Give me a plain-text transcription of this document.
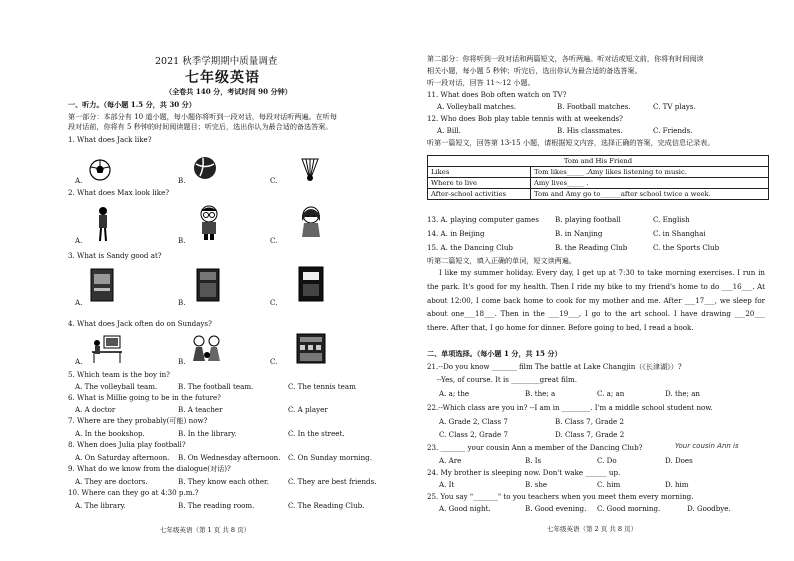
2021 秋季学期期中质量调查
七年级英语
（全卷共 140 分，考试时间 90 分钟）
一、听力。（每小题 1.5 分，共 30 分）
第一部分：本部分有 10 道小题，每小题你将听到一段对话，每段对话听两遍。在听每
段对话前，你将有 5 秒钟的时间阅读题目；听完后，选出你认为最合适的备选答案。
1. What does Jack like?
A.	B.	C.
2. What does Max look like?
A.	B.	C.
3. What is Sandy good at?
A.	B.	C.
4. What does Jack often do on Sundays?
A.	B.	C.
5. Which team is the boy in?
A. The volleyball team.	B. The football team.	C. The tennis team
6. What is Millie going to be in the future?
A. A doctor	B. A teacher	C. A player
7. Where are they probably(可能) now?
A. In the bookshop.	B. In the library.	C. In the street.
8. When does Julia play football?
A. On Saturday afternoon. B. On Wednesday afternoon. C. On Sunday morning.
9. What do we know from the dialogue(对话)?
A. They are doctors.	B. They know each other.	C. They are best friends.
10. Where can they go at 4:30 p.m.?
A. The library.	B. The reading room.	C. The Reading Club.
七年级英语（第 1 页 共 8 页）
第二部分：你将听到一段对话和两篇短文，各听两遍。听对话或短文前，你将有时间阅读
相关小题，每小题 5 秒钟；听完后，选出你认为最合适的备选答案。
听一段对话，回答 11～12 小题。
11. What does Bob often watch on TV?
A. Volleyball matches.	B. Football matches.	C. TV plays.
12. Who does Bob play table tennis with at weekends?
A. Bill.	B. His classmates.	C. Friends.
听第一篇短文，回答第 13-15 小题，请根据短文内容，选择正确的答案，完成信息记录表。
Tom and His Friend	
Likes	Tom likes_____ .Amy likes listening to music.
Where to live	Amy lives_____ .
After-school activities	Tom and Amy go to______after school twice a week.
13. A. playing computer games B. playing football	C. English
14. A. in Beijing	B. in Nanjing	C. in Shanghai
15. A. the Dancing Club	B. the Reading Club	C. the Sports Club
听第二篇短文，填入正确的单词，短文读两遍。
I like my summer holiday. Every day, I get up at 7:30 to take morning exercises. I run in the park. It's good for my health. Then I ride my bike to my friend's home to do ___16___. At about 12:00, I come back home to cook for my mother and me. After ___17___, we sleep for about one___18___. Then in the ___19___, I go to the art school. I have drawing ___20___ there. After that, I go home for dinner. Before going to bed, I read a book.
二、单项选择。（每小题 1 分，共 15 分）
21.--Do you know _______ film The battle at Lake Changjin（《长津湖》）?
--Yes, of course. It is ________great film.
A. a; the	B. the; a	C. a; an	D. the; an
22.--Which class are you in? --I am in ________. I'm a middle school student now.
A. Grade 2, Class 7	B. Class 7, Grade 2
C. Class 2, Grade 7	D. Class 7, Grade 2
23. _______ your cousin Ann a member of the Dancing Club?	Your cousin Ann is
A. Are	B. Is	C. Do	D. Does
24. My brother is sleeping now. Don't wake ______ up.
A. It	B. she	C. him	D. him
25. You say "_______" to you teachers when you meet them every morning.
A. Good night.	B. Good evening. C. Good morning.	D. Goodbye.
七年级英语（第 2 页 共 8 页）
